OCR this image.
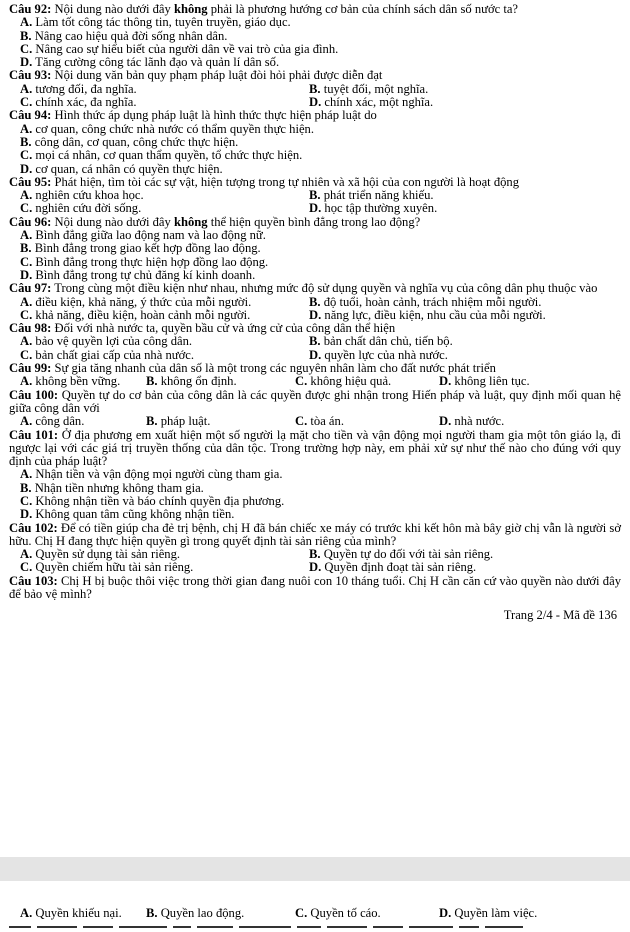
Câu 92: Nội dung nào dưới đây không phải là phương hướng cơ bản của chính sách dân số nước ta?
A. Làm tốt công tác thông tin, tuyên truyền, giáo dục.
B. Nâng cao hiệu quả đời sống nhân dân.
C. Nâng cao sự hiểu biết của người dân về vai trò của gia đình.
D. Tăng cường công tác lãnh đạo và quản lí dân số.
Câu 93: Nội dung văn bản quy phạm pháp luật đòi hỏi phải được diễn đạt
A. tương đối, đa nghĩa.	B. tuyệt đối, một nghĩa.
C. chính xác, đa nghĩa.	D. chính xác, một nghĩa.
Câu 94: Hình thức áp dụng pháp luật là hình thức thực hiện pháp luật do
A. cơ quan, công chức nhà nước có thẩm quyền thực hiện.
B. công dân, cơ quan, công chức thực hiện.
C. mọi cá nhân, cơ quan thẩm quyền, tổ chức thực hiện.
D. cơ quan, cá nhân có quyền thực hiện.
Câu 95: Phát hiện, tìm tòi các sự vật, hiện tượng trong tự nhiên và xã hội của con người là hoạt động
A. nghiên cứu khoa học.	B. phát triển năng khiếu.
C. nghiên cứu đời sống.	D. học tập thường xuyên.
Câu 96: Nội dung nào dưới đây không thể hiện quyền bình đẳng trong lao động?
A. Bình đẳng giữa lao động nam và lao động nữ.
B. Bình đẳng trong giao kết hợp đồng lao động.
C. Bình đẳng trong thực hiện hợp đồng lao động.
D. Bình đẳng trong tự chủ đăng kí kinh doanh.
Câu 97: Trong cùng một điều kiện như nhau, nhưng mức độ sử dụng quyền và nghĩa vụ của công dân phụ thuộc vào
A. điều kiện, khả năng, ý thức của mỗi người.	B. độ tuổi, hoàn cảnh, trách nhiệm mỗi người.
C. khả năng, điều kiện, hoàn cảnh mỗi người.	D. năng lực, điều kiện, nhu cầu của mỗi người.
Câu 98: Đối với nhà nước ta, quyền bầu cử và ứng cử của công dân thể hiện
A. bảo vệ quyền lợi của công dân.	B. bản chất dân chủ, tiến bộ.
C. bản chất giai cấp của nhà nước.	D. quyền lực của nhà nước.
Câu 99: Sự gia tăng nhanh của dân số là một trong các nguyên nhân làm cho đất nước phát triển
A. không bền vững.	B. không ổn định.	C. không hiệu quả.	D. không liên tục.
Câu 100: Quyền tự do cơ bản của công dân là các quyền được ghi nhận trong Hiến pháp và luật, quy định mối quan hệ giữa công dân với
A. công dân.	B. pháp luật.	C. tòa án.	D. nhà nước.
Câu 101: Ở địa phương em xuất hiện một số người lạ mặt cho tiền và vận động mọi người tham gia một tôn giáo lạ, đi ngược lại với các giá trị truyền thống của dân tộc. Trong trường hợp này, em phải xử sự như thế nào cho đúng với quy định của pháp luật?
A. Nhận tiền và vận động mọi người cùng tham gia.
B. Nhận tiền nhưng không tham gia.
C. Không nhận tiền và báo chính quyền địa phương.
D. Không quan tâm cũng không nhận tiền.
Câu 102: Để có tiền giúp cha đẻ trị bệnh, chị H đã bán chiếc xe máy có trước khi kết hôn mà bây giờ chị vẫn là người sở hữu. Chị H đang thực hiện quyền gì trong quyết định tài sản riêng của mình?
A. Quyền sử dụng tài sản riêng.	B. Quyền tự do đối với tài sản riêng.
C. Quyền chiếm hữu tài sản riêng.	D. Quyền định đoạt tài sản riêng.
Câu 103: Chị H bị buộc thôi việc trong thời gian đang nuôi con 10 tháng tuổi. Chị H cần căn cứ vào quyền nào dưới đây để bảo vệ mình?
Trang 2/4 - Mã đề 136
A. Quyền khiếu nại.	B. Quyền lao động.	C. Quyền tố cáo.	D. Quyền làm việc.
